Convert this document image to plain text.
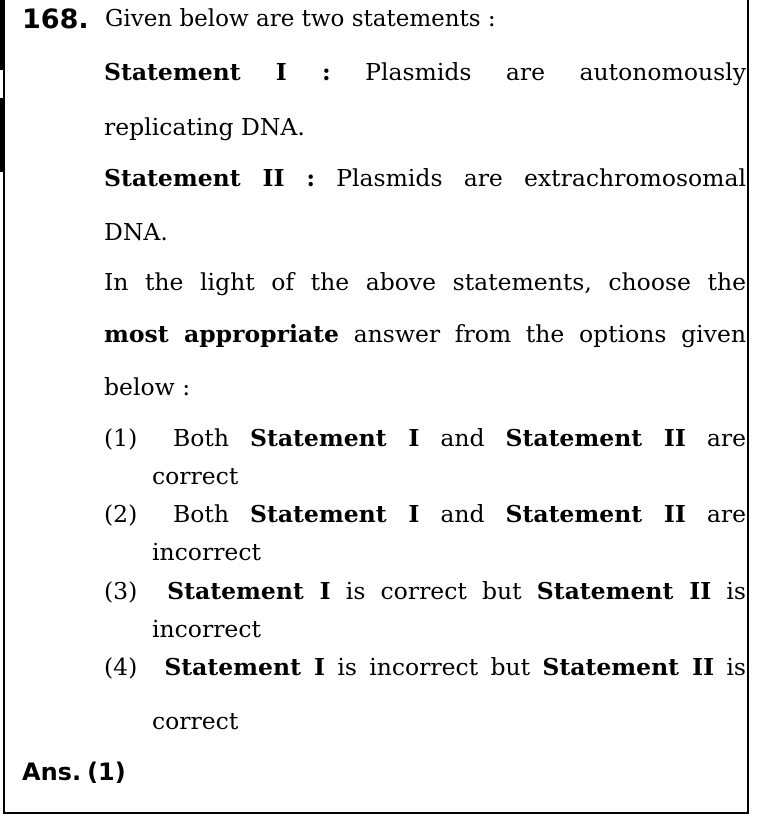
168. Given below are two statements :
Statement I : Plasmids are autonomously
replicating DNA.
Statement II : Plasmids are extrachromosomal
DNA.
In the light of the above statements, choose the
most appropriate answer from the options given
below :
(1) Both Statement I and Statement II are
correct
(2) Both Statement I and Statement II are
incorrect
(3) Statement I is correct but Statement II is
incorrect
(4) Statement I is incorrect but Statement II is
correct
Ans. (1)
